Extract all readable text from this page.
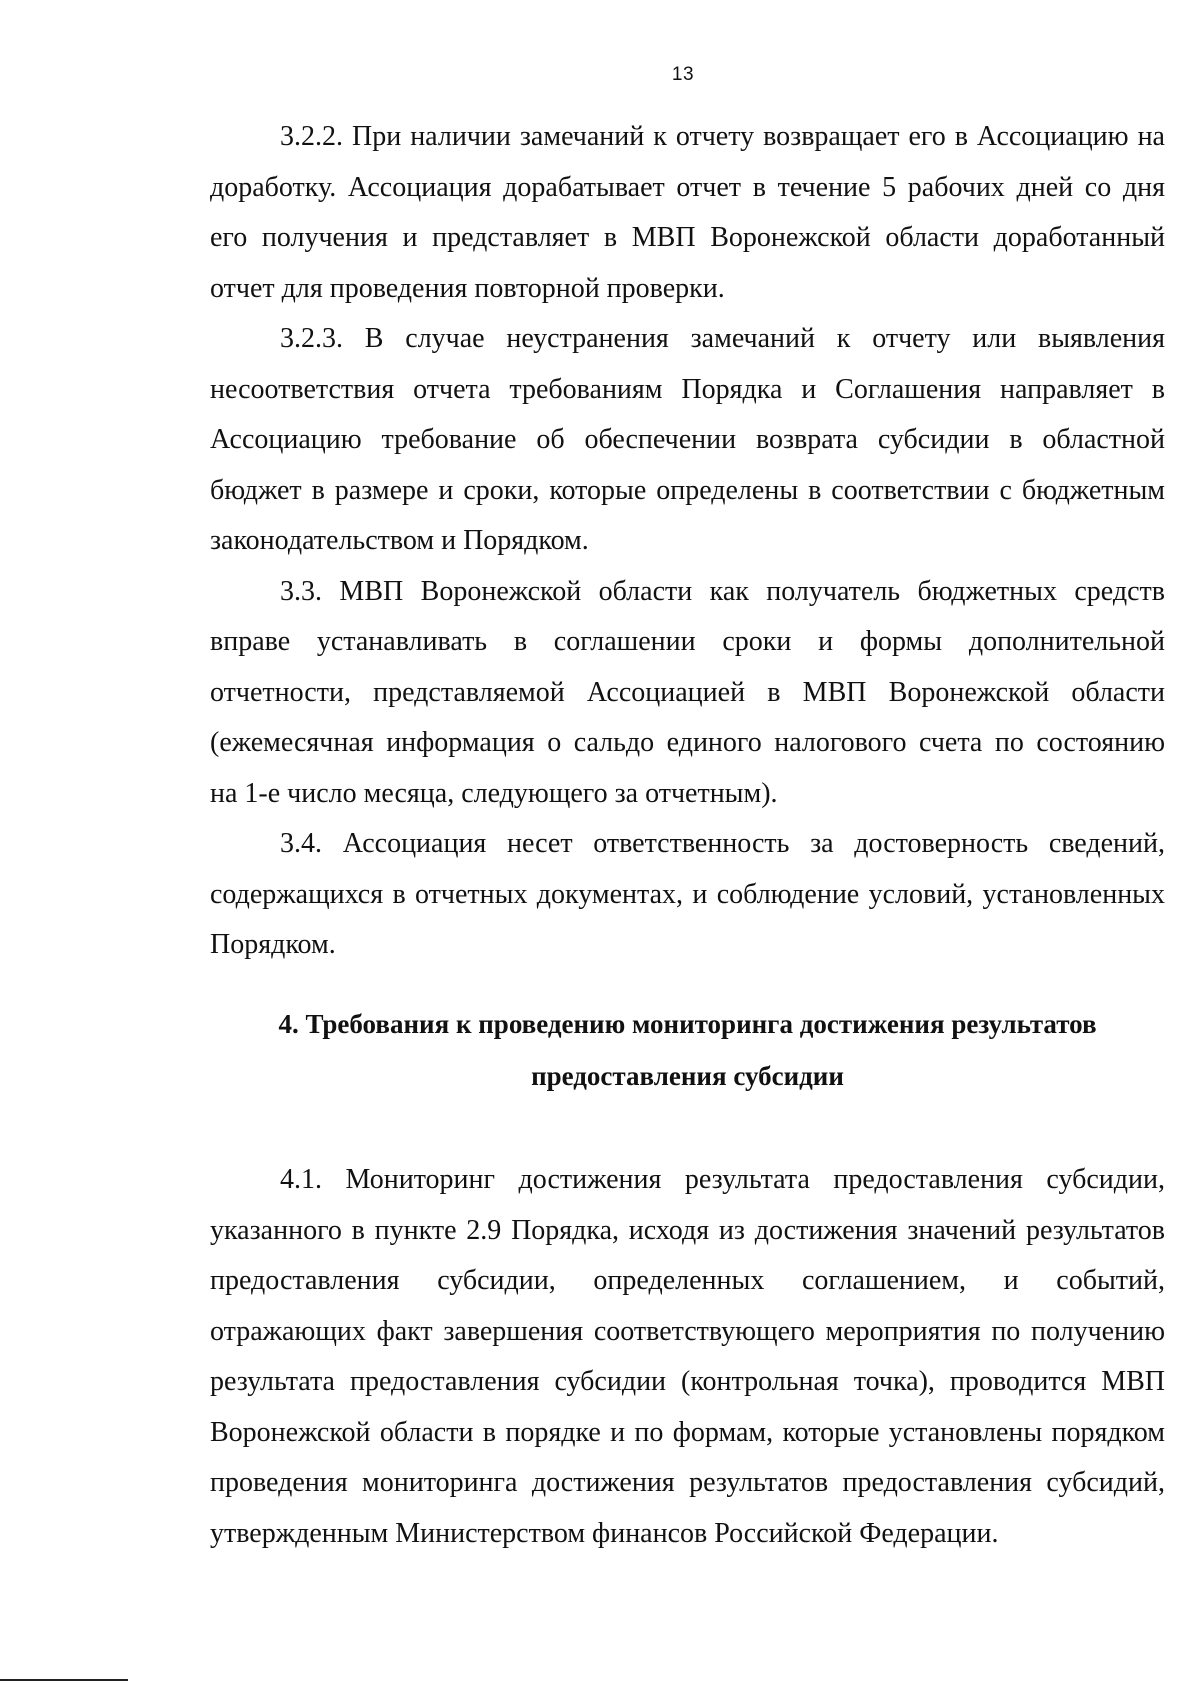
13
3.2.2. При наличии замечаний к отчету возвращает его в Ассоциацию на
доработку. Ассоциация дорабатывает отчет в течение 5 рабочих дней со дня
его получения и представляет в МВП Воронежской области доработанный
отчет для проведения повторной проверки.
3.2.3. В случае неустранения замечаний к отчету или выявления
несоответствия отчета требованиям Порядка и Соглашения направляет в
Ассоциацию требование об обеспечении возврата субсидии в областной
бюджет в размере и сроки, которые определены в соответствии с бюджетным
законодательством и Порядком.
3.3. МВП Воронежской области как получатель бюджетных средств
вправе устанавливать в соглашении сроки и формы дополнительной
отчетности, представляемой Ассоциацией в МВП Воронежской области
(ежемесячная информация о сальдо единого налогового счета по состоянию
на 1-е число месяца, следующего за отчетным).
3.4. Ассоциация несет ответственность за достоверность сведений,
содержащихся в отчетных документах, и соблюдение условий, установленных
Порядком.
4. Требования к проведению мониторинга достижения результатов
предоставления субсидии
4.1. Мониторинг достижения результата предоставления субсидии,
указанного в пункте 2.9 Порядка, исходя из достижения значений результатов
предоставления субсидии, определенных соглашением, и событий,
отражающих факт завершения соответствующего мероприятия по получению
результата предоставления субсидии (контрольная точка), проводится МВП
Воронежской области в порядке и по формам, которые установлены порядком
проведения мониторинга достижения результатов предоставления субсидий,
утвержденным Министерством финансов Российской Федерации.
